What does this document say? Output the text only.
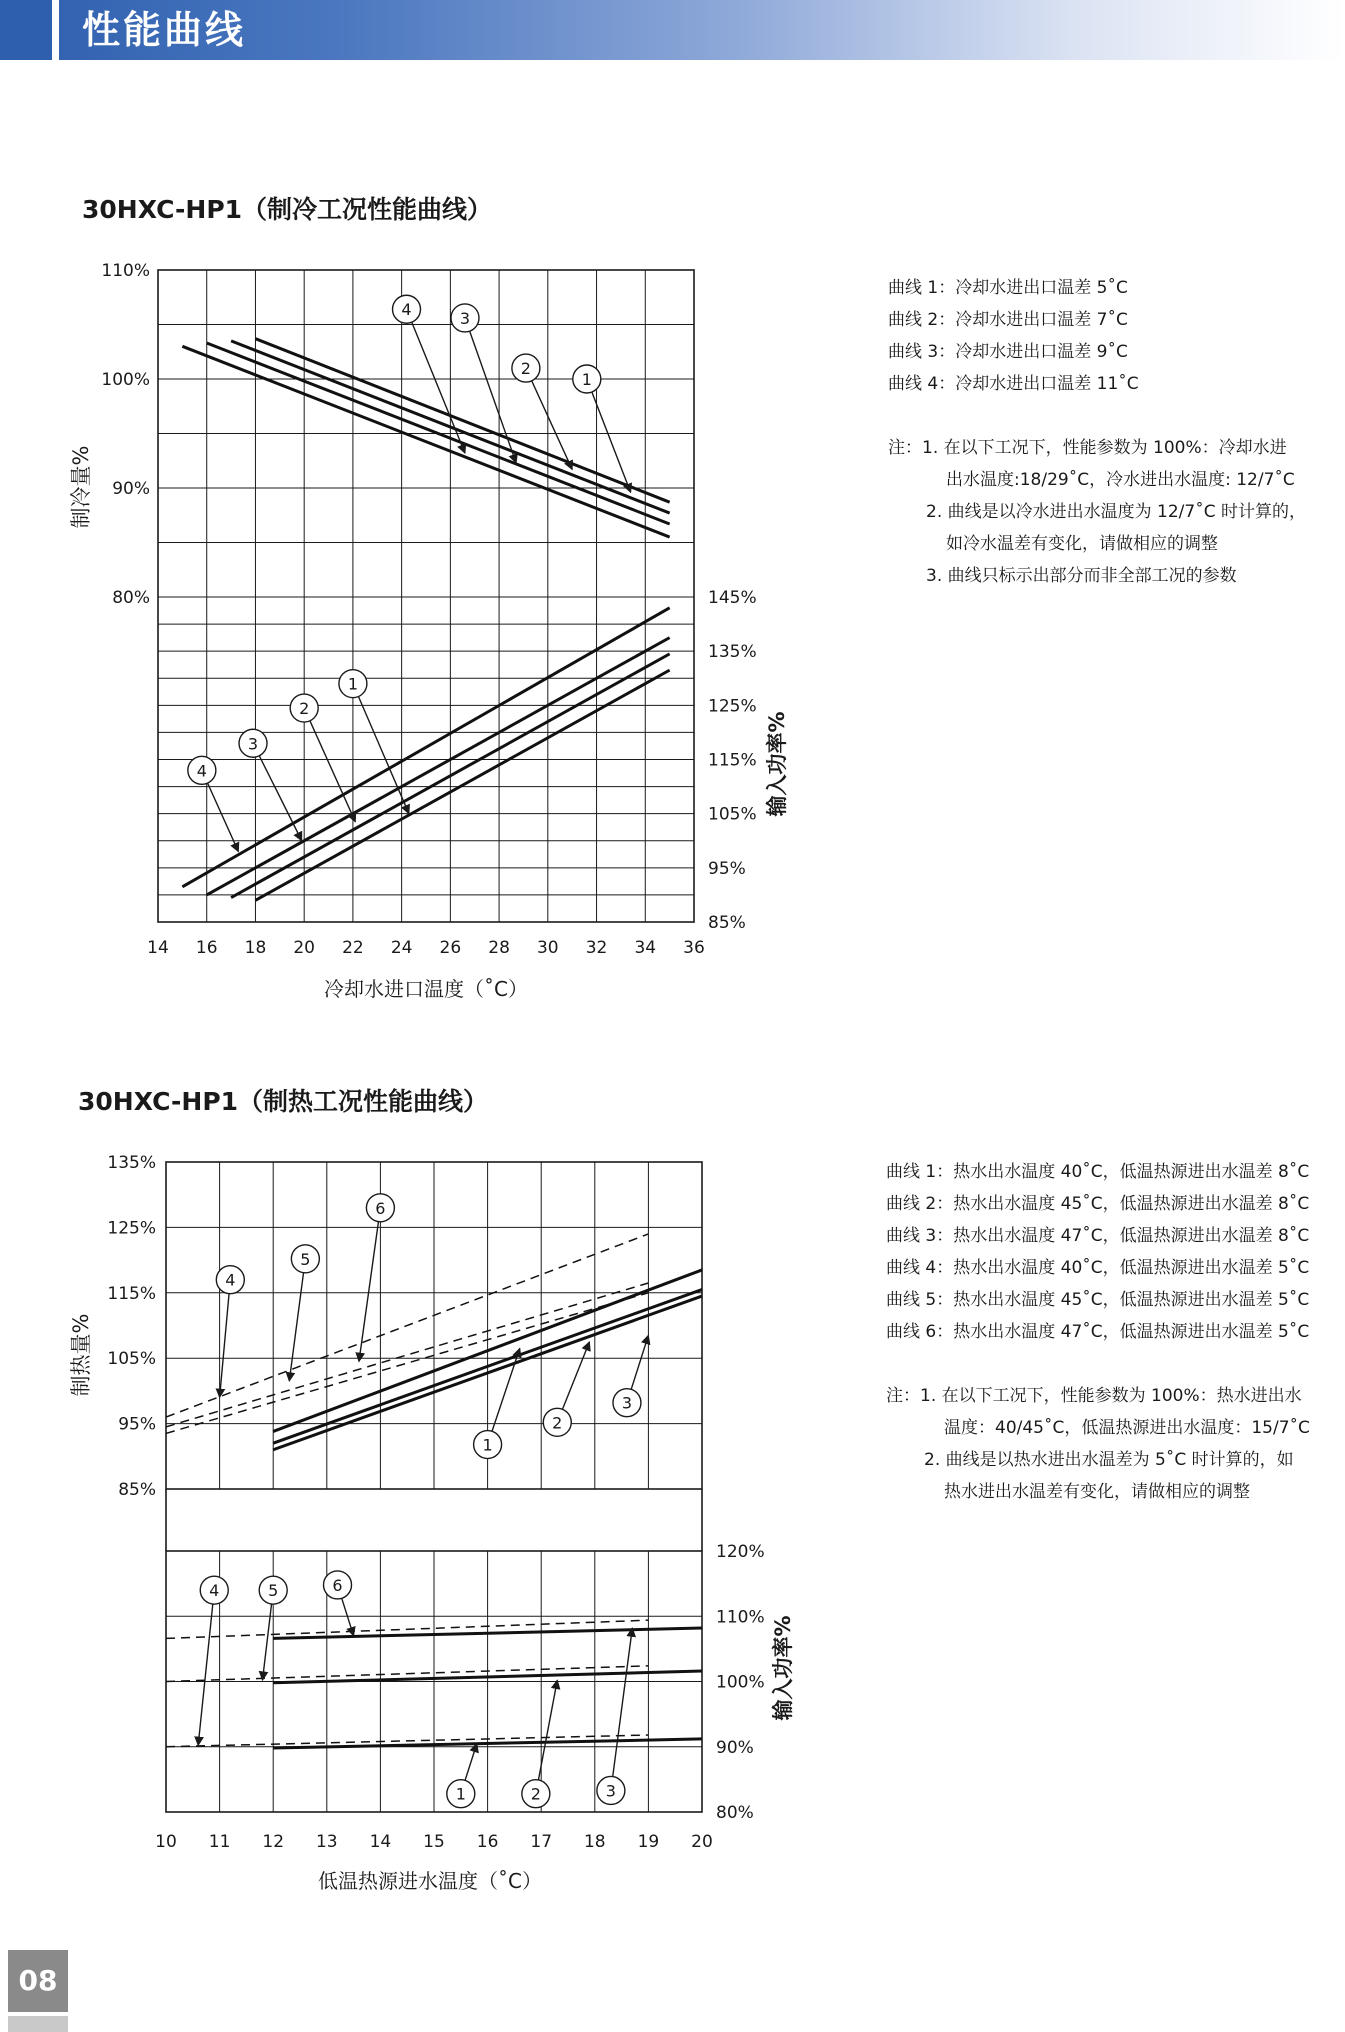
性能曲线
30HXC-HP1（制冷工况性能曲线）
14 16 18 20 22 24 26 28 30 32 34 36
110%
100%
90%
80%	145%
135%
125%
115%
105%
95%
85%
冷却水进口温度（˚C）
制冷量%
输入功率%
4	3
2
1
1
2
3
4
曲线 1：冷却水进出口温差 5˚C
曲线 2：冷却水进出口温差 7˚C
曲线 3：冷却水进出口温差 9˚C
曲线 4：冷却水进出口温差 11˚C
注：1. 在以下工况下，性能参数为 100%：冷却水进
出水温度:18/29˚C，冷水进出水温度: 12/7˚C
2. 曲线是以冷水进出水温度为 12/7˚C 时计算的，
如冷水温差有变化，请做相应的调整
3. 曲线只标示出部分而非全部工况的参数
30HXC-HP1（制热工况性能曲线）
10 11 12 13 14 15 16 17 18 19 20
135%
125%
115%
105%
95%
85%
120%
110%
100%
90%
80%
低温热源进水温度（˚C）
制热量%
输入功率%
4
5
6
1
2
3
4	5	6
1	2	3
曲线 1：热水出水温度 40˚C，低温热源进出水温差 8˚C
曲线 2：热水出水温度 45˚C，低温热源进出水温差 8˚C
曲线 3：热水出水温度 47˚C，低温热源进出水温差 8˚C
曲线 4：热水出水温度 40˚C，低温热源进出水温差 5˚C
曲线 5：热水出水温度 45˚C，低温热源进出水温差 5˚C
曲线 6：热水出水温度 47˚C，低温热源进出水温差 5˚C
注：1. 在以下工况下，性能参数为 100%：热水进出水
温度：40/45˚C，低温热源进出水温度：15/7˚C
2. 曲线是以热水进出水温差为 5˚C 时计算的，如
热水进出水温差有变化，请做相应的调整
08
